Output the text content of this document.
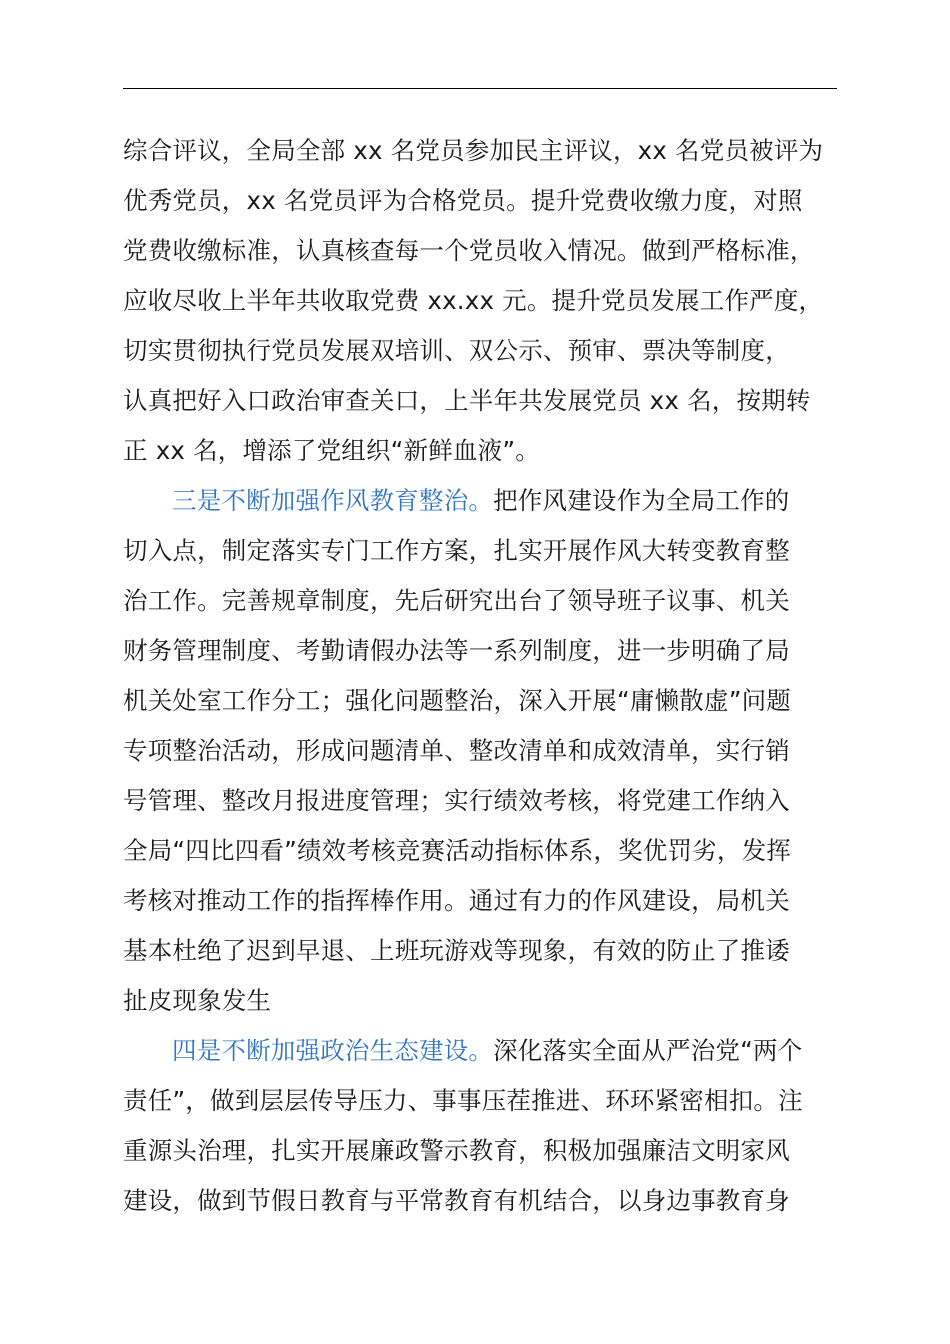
综合评议，全局全部 xx 名党员参加民主评议，xx 名党员被评为
优秀党员，xx 名党员评为合格党员。提升党费收缴力度，对照
党费收缴标准，认真核查每一个党员收入情况。做到严格标准，
应收尽收上半年共收取党费 xx.xx 元。提升党员发展工作严度，
切实贯彻执行党员发展双培训、双公示、预审、票决等制度，
认真把好入口政治审查关口，上半年共发展党员 xx 名，按期转
正 xx 名，增添了党组织“新鲜血液”。
三是不断加强作风教育整治。把作风建设作为全局工作的
切入点，制定落实专门工作方案，扎实开展作风大转变教育整
治工作。完善规章制度，先后研究出台了领导班子议事、机关
财务管理制度、考勤请假办法等一系列制度，进一步明确了局
机关处室工作分工；强化问题整治，深入开展“庸懒散虚”问题
专项整治活动，形成问题清单、整改清单和成效清单，实行销
号管理、整改月报进度管理；实行绩效考核，将党建工作纳入
全局“四比四看”绩效考核竞赛活动指标体系，奖优罚劣，发挥
考核对推动工作的指挥棒作用。通过有力的作风建设，局机关
基本杜绝了迟到早退、上班玩游戏等现象，有效的防止了推诿
扯皮现象发生
四是不断加强政治生态建设。深化落实全面从严治党“两个
责任”，做到层层传导压力、事事压茬推进、环环紧密相扣。注
重源头治理，扎实开展廉政警示教育，积极加强廉洁文明家风
建设，做到节假日教育与平常教育有机结合，以身边事教育身
